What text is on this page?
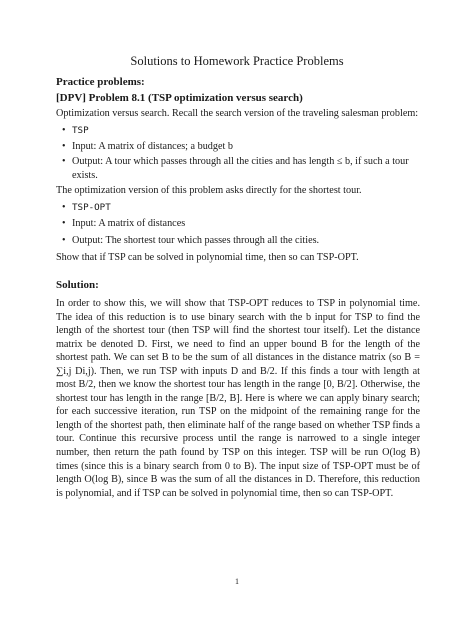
Solutions to Homework Practice Problems
Practice problems:
[DPV] Problem 8.1 (TSP optimization versus search)
Optimization versus search. Recall the search version of the traveling salesman problem:
• TSP
• Input: A matrix of distances; a budget b
• Output: A tour which passes through all the cities and has length ≤ b, if such a tour exists.
The optimization version of this problem asks directly for the shortest tour.
• TSP-OPT
• Input: A matrix of distances
• Output: The shortest tour which passes through all the cities.
Show that if TSP can be solved in polynomial time, then so can TSP-OPT.
Solution:
In order to show this, we will show that TSP-OPT reduces to TSP in polynomial time. The idea of this reduction is to use binary search with the b input for TSP to find the length of the shortest tour (then TSP will find the shortest tour itself). Let the distance matrix be denoted D. First, we need to find an upper bound B for the length of the shortest path. We can set B to be the sum of all distances in the distance matrix (so B = ∑i,j Di,j). Then, we run TSP with inputs D and B/2. If this finds a tour with length at most B/2, then we know the shortest tour has length in the range [0, B/2]. Otherwise, the shortest tour has length in the range [B/2, B]. Here is where we can apply binary search; for each successive iteration, run TSP on the midpoint of the remaining range for the length of the shortest path, then eliminate half of the range based on whether TSP finds a tour. Continue this recursive process until the range is narrowed to a single integer number, then return the path found by TSP on this integer. TSP will be run O(log B) times (since this is a binary search from 0 to B). The input size of TSP-OPT must be of length O(log B), since B was the sum of all the distances in D. Therefore, this reduction is polynomial, and if TSP can be solved in polynomial time, then so can TSP-OPT.
1
